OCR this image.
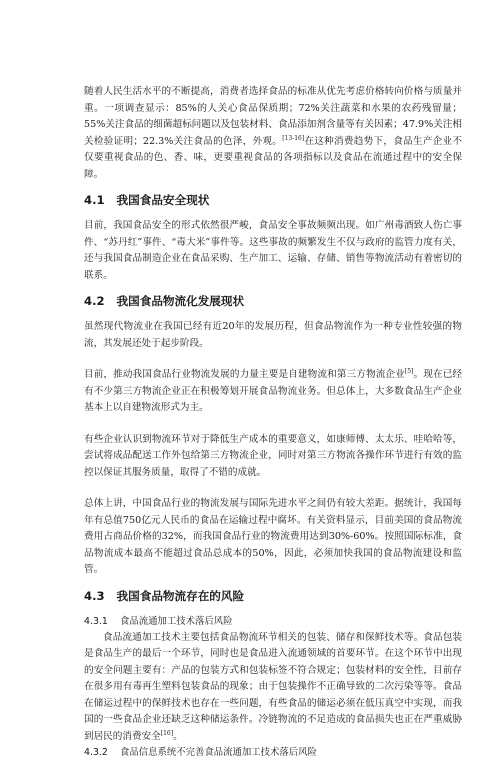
随着人民生活水平的不断提高，消费者选择食品的标准从优先考虑价格转向价格与质量并重。一项调查显示：85%的人关心食品保质期；72%关注蔬菜和水果的农药残留量；55%关注食品的细菌超标问题以及包装材料、食品添加剂含量等有关因素；47.9%关注相关检验证明；22.3%关注食品的色泽，外观。[13-16]在这种消费趋势下，食品生产企业不仅要重视食品的色、香、味，更要重视食品的各项指标以及食品在流通过程中的安全保障。

4.1 我国食品安全现状

目前，我国食品安全的形式依然很严峻，食品安全事故频频出现。如广州毒酒致人伤亡事件、“苏丹红”事件、“毒大米”事件等。这些事故的频繁发生不仅与政府的监管力度有关，还与我国食品制造企业在食品采购、生产加工、运输、存储、销售等物流活动有着密切的联系。

4.2 我国食品物流化发展现状

虽然现代物流业在我国已经有近20年的发展历程，但食品物流作为一种专业性较强的物流，其发展还处于起步阶段。

目前，推动我国食品行业物流发展的力量主要是自建物流和第三方物流企业[5]。现在已经有不少第三方物流企业正在积极筹划开展食品物流业务。但总体上，大多数食品生产企业基本上以自建物流形式为主。

有些企业认识到物流环节对于降低生产成本的重要意义，如康师傅、太太乐、哇哈哈等，尝试将成品配送工作外包给第三方物流企业，同时对第三方物流各操作环节进行有效的监控以保证其服务质量，取得了不错的成就。

总体上讲，中国食品行业的物流发展与国际先进水平之间仍有较大差距。据统计，我国每年有总值750亿元人民币的食品在运输过程中腐坏。有关资料显示，目前美国的食品物流费用占商品价格的32%，而我国食品行业的物流费用达到30%-60%。按照国际标准，食品物流成本最高不能超过食品总成本的50%，因此，必须加快我国的食品物流建设和监管。

4.3 我国食品物流存在的风险
4.3.1 食品流通加工技术落后风险

食品流通加工技术主要包括食品物流环节相关的包装、储存和保鲜技术等。食品包装是食品生产的最后一个环节，同时也是食品进入流通领域的首要环节。在这个环节中出现的安全问题主要有：产品的包装方式和包装标签不符合规定；包装材料的安全性，目前存在很多用有毒再生塑料包装食品的现象；由于包装操作不正确导致的二次污染等等。食品在储运过程中的保鲜技术也存在一些问题，有些食品的储运必须在低压真空中实现，而我国的一些食品企业还缺乏这种储运条件。冷链物流的不足造成的食品损失也正在严重威胁到居民的消费安全[16]。

4.3.2 食品信息系统不完善食品流通加工技术落后风险
